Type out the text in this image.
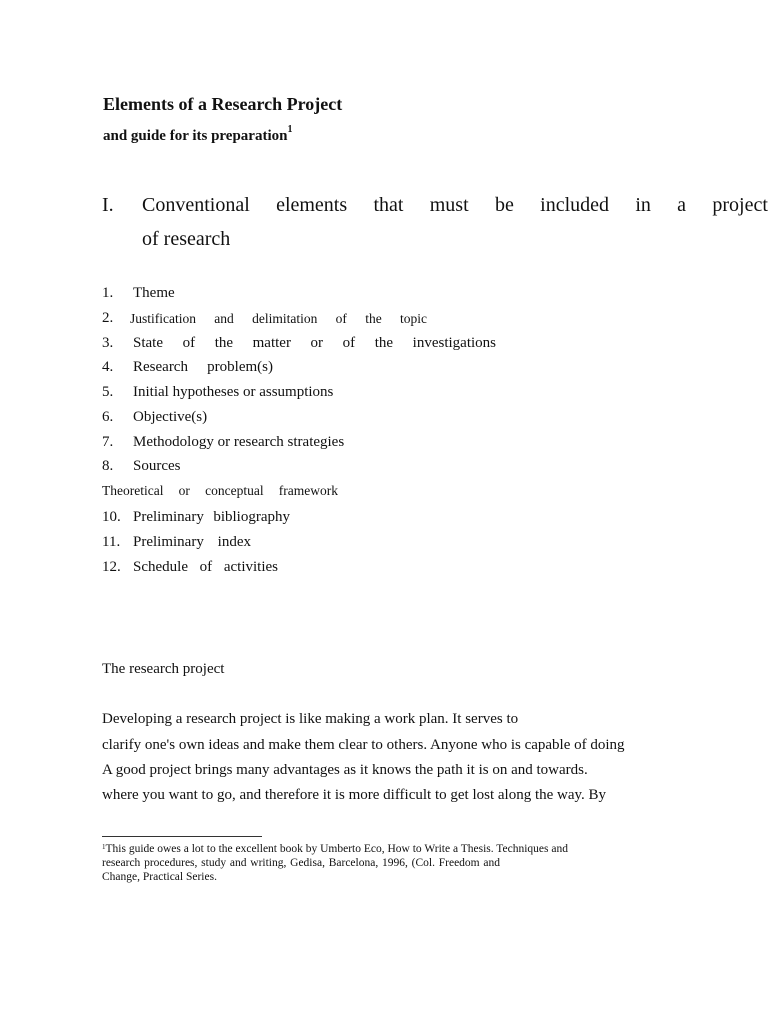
Elements of a Research Project
and guide for its preparation$^1$
I. Conventional elements that must be included in a project
of research
1. Theme
2. Justification and delimitation of the topic
3. State of the matter or of the investigations
4. Research problem(s)
5. Initial hypotheses or assumptions
6. Objective(s)
7. Methodology or research strategies
8. Sources
Theoretical or conceptual framework
10. Preliminary bibliography
11. Preliminary index
12. Schedule of activities
The research project
Developing a research project is like making a work plan. It serves to
clarify one's own ideas and make them clear to others. Anyone who is capable of doing
A good project brings many advantages as it knows the path it is on and towards.
where you want to go, and therefore it is more difficult to get lost along the way. By
$^1$This guide owes a lot to the excellent book by Umberto Eco, How to Write a Thesis. Techniques and
research procedures, study and writing, Gedisa, Barcelona, 1996, (Col. Freedom and
Change, Practical Series.
